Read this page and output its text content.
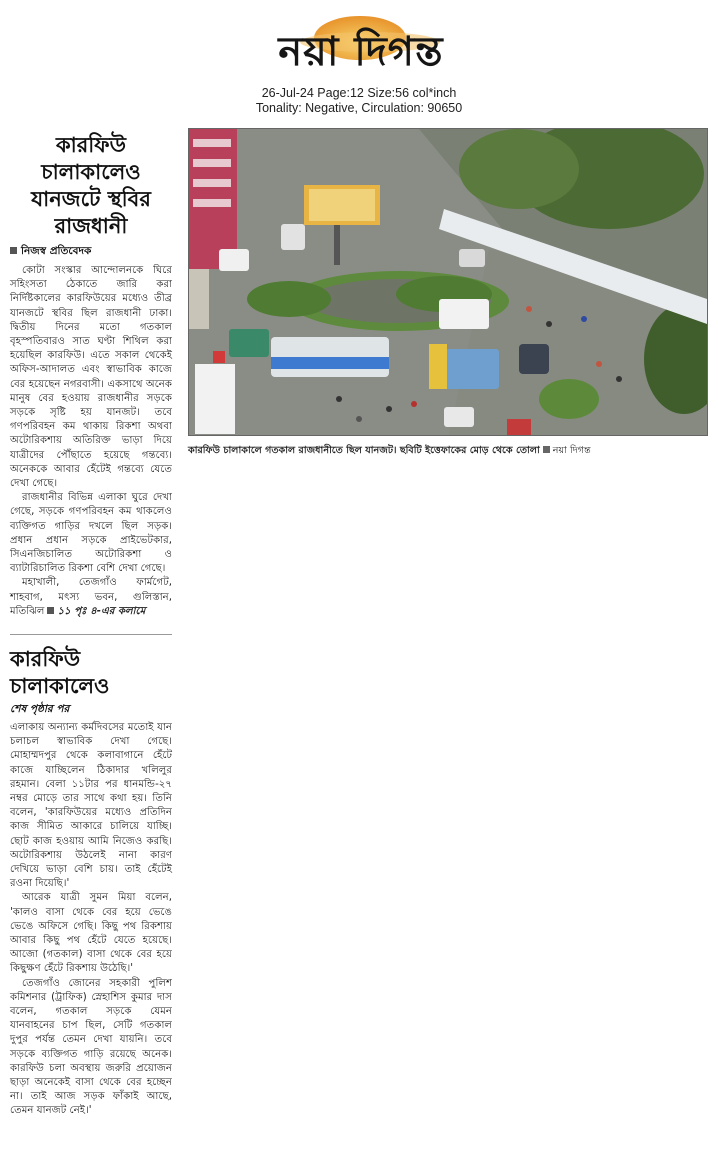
নয়া দিগন্ত
26-Jul-24 Page:12 Size:56 col*inch
Tonality: Negative, Circulation: 90650
কারফিউ চালাকালেও
যানজটে স্থবির
রাজধানী
নিজস্ব প্রতিবেদক

কোটা সংস্কার আন্দোলনকে ঘিরে সহিংসতা ঠেকাতে জারি করা নির্দিষ্টকালের কারফিউয়ের মধ্যেও তীব্র যানজটে স্থবির ছিল রাজধানী ঢাকা। দ্বিতীয় দিনের মতো গতকাল বৃহস্পতিবারও সাত ঘণ্টা শিথিল করা হয়েছিল কারফিউ। এতে সকাল থেকেই অফিস-আদালত এবং স্বাভাবিক কাজে বের হয়েছেন নগরবাসী। একসাথে অনেক মানুষ বের হওয়ায় রাজধানীর সড়কে সড়কে সৃষ্টি হয় যানজট। তবে গণপরিবহন কম থাকায় রিকশা অথবা অটোরিকশায় অতিরিক্ত ভাড়া দিয়ে যাত্রীদের পৌঁছাতে হয়েছে গন্তব্যে। অনেককে আবার হেঁটেই গন্তব্যে যেতে দেখা গেছে।

রাজধানীর বিভিন্ন এলাকা ঘুরে দেখা গেছে, সড়কে গণপরিবহন কম থাকলেও ব্যক্তিগত গাড়ির দখলে ছিল সড়ক। প্রধান প্রধান সড়কে প্রাইভেটকার, সিএনজিচালিত অটোরিকশা ও ব্যাটারিচালিত রিকশা বেশি দেখা গেছে।

মহাখালী, তেজগাঁও ফার্মগেট, শাহবাগ, মৎস্য ভবন, গুলিস্তান, মতিঝিল ১১ পৃঃ ৪-এর কলামে

কারফিউ চালাকালেও
শেষ পৃষ্ঠার পর

এলাকায় অন্যান্য কর্মদিবসের মতোই যান চলাচল স্বাভাবিক দেখা গেছে। মোহাম্মদপুর থেকে কলাবাগানে হেঁটে কাজে যাচ্ছিলেন ঠিকাদার খলিলুর রহমান। বেলা ১১টার পর ধানমন্ডি-২৭ নম্বর মোড়ে তার সাথে কথা হয়। তিনি বলেন, 'কারফিউয়ের মধ্যেও প্রতিদিন কাজ সীমিত আকারে চালিয়ে যাচ্ছি। ছোট কাজ হওয়ায় আমি নিজেও করছি। অটোরিকশায় উঠলেই নানা কারণ দেখিয়ে ভাড়া বেশি চায়। তাই হেঁটেই রওনা দিয়েছি।'

আরেক যাত্রী সুমন মিয়া বলেন, 'কালও বাসা থেকে বের হয়ে ভেঙে ভেঙে অফিসে গেছি। কিছু পথ রিকশায় আবার কিছু পথ হেঁটে যেতে হয়েছে। আজো (গতকাল) বাসা থেকে বের হয়ে কিছুক্ষণ হেঁটে রিকশায় উঠেছি।'

তেজগাঁও জোনের সহকারী পুলিশ কমিশনার (ট্রাফিক) স্নেহাশিস কুমার দাস বলেন, গতকাল সড়কে যেমন যানবাহনের চাপ ছিল, সেটি গতকাল দুপুর পর্যন্ত তেমন দেখা যায়নি। তবে সড়কে ব্যক্তিগত গাড়ি রয়েছে অনেক। কারফিউ চলা অবস্থায় জরুরি প্রয়োজন ছাড়া অনেকেই বাসা থেকে বের হচ্ছেন না। তাই আজ সড়ক ফাঁকাই আছে, তেমন যানজট নেই।'

কারফিউ চালাকালে গতকাল রাজধানীতে ছিল যানজট। ছবিটি ইত্তেফাকের মোড় থেকে তোলা নয়া দিগন্ত
